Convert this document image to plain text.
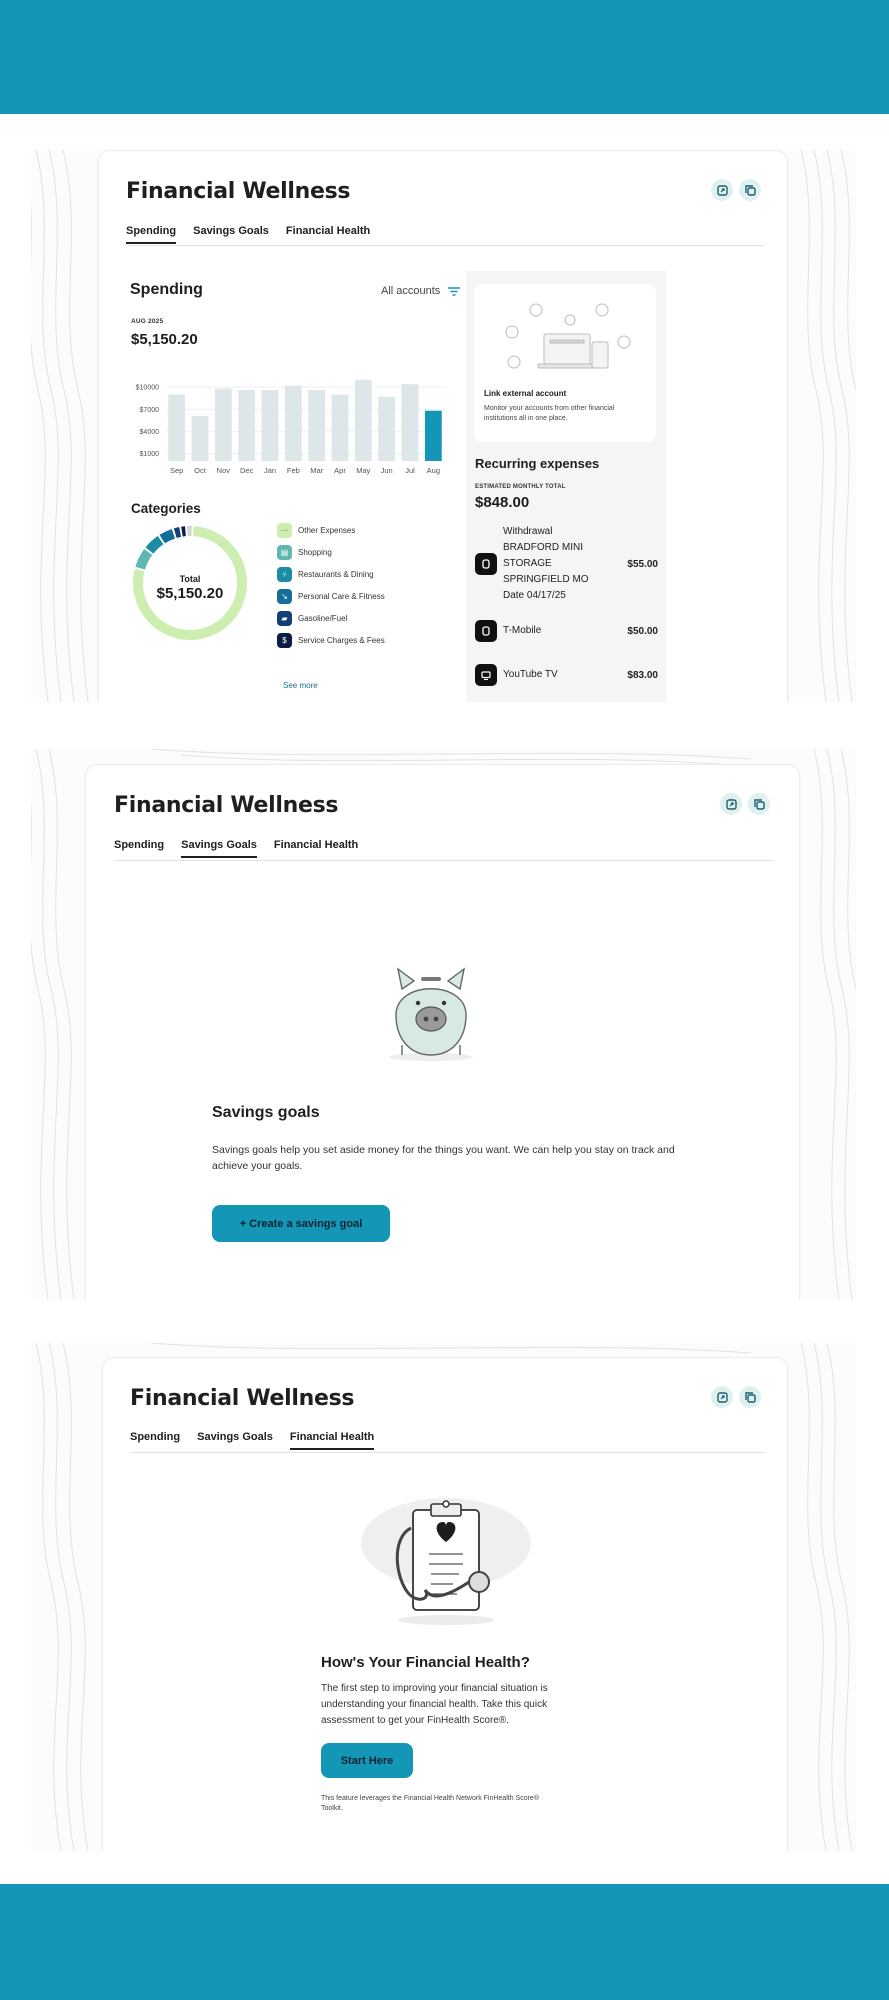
Financial Wellness
Spending Savings Goals Financial Health
Spending
AUG 2025
$5,150.20
All accounts
$1000
$4000
$7000
$10000
Sep Oct Nov Dec Jan Feb Mar Apr May Jun Jul Aug
Categories
Total
$5,150.20
⋯	Other Expenses
▤	Shopping
⑂	Restaurants & Dining
↘	Personal Care & Fitness
▰	Gasoline/Fuel
$	Service Charges & Fees
See more
Link external account
Monitor your accounts from other financial institutions all in one place.
Recurring expenses
ESTIMATED MONTHLY TOTAL
$848.00
Withdrawal
BRADFORD MINI
STORAGE
SPRINGFIELD MO
Date 04/17/25
$55.00
T-Mobile	$50.00
YouTube TV	$83.00
Financial Wellness
Spending Savings Goals Financial Health
Savings goals
Savings goals help you set aside money for the things you want. We can help you stay on track and achieve your goals.
+ Create a savings goal
Financial Wellness
Spending Savings Goals Financial Health
How's Your Financial Health?
The first step to improving your financial situation is understanding your financial health. Take this quick assessment to get your FinHealth Score®.
Start Here
This feature leverages the Financial Health Network FinHealth Score® Toolkit.
